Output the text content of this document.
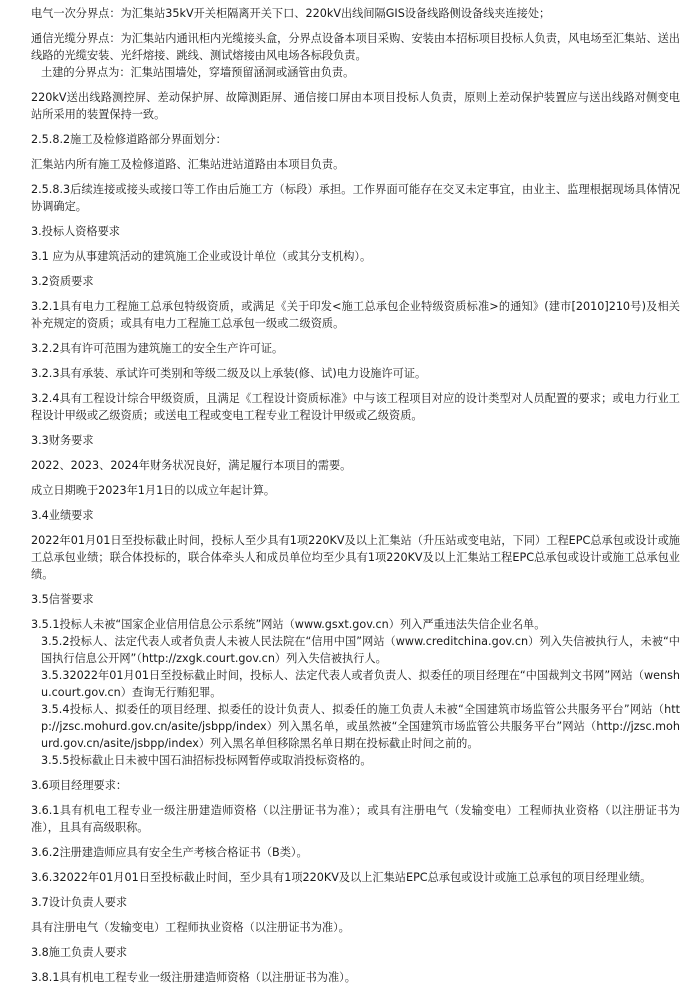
电气一次分界点：为汇集站35kV开关柜隔离开关下口、220kV出线间隔GIS设备线路侧设备线夹连接处；
通信光缆分界点：为汇集站内通讯柜内光缆接头盒，分界点设备本项目采购、安装由本招标项目投标人负责，风电场至汇集站、送出线路的光缆安装、光纤熔接、跳线、测试熔接由风电场各标段负责。
土建的分界点为：汇集站围墙处，穿墙预留涵洞或涵管由负责。
220kV送出线路测控屏、差动保护屏、故障测距屏、通信接口屏由本项目投标人负责，原则上差动保护装置应与送出线路对侧变电站所采用的装置保持一致。
2.5.8.2施工及检修道路部分界面划分：
汇集站内所有施工及检修道路、汇集站进站道路由本项目负责。
2.5.8.3后续连接或接头或接口等工作由后施工方（标段）承担。工作界面可能存在交叉未定事宜，由业主、监理根据现场具体情况协调确定。
3.投标人资格要求
3.1 应为从事建筑活动的建筑施工企业或设计单位（或其分支机构）。
3.2资质要求
3.2.1具有电力工程施工总承包特级资质，或满足《关于印发<施工总承包企业特级资质标准>的通知》(建市[2010]210号)及相关补充规定的资质；或具有电力工程施工总承包一级或二级资质。
3.2.2具有许可范围为建筑施工的安全生产许可证。
3.2.3具有承装、承试许可类别和等级二级及以上承装(修、试)电力设施许可证。
3.2.4具有工程设计综合甲级资质，且满足《工程设计资质标准》中与该工程项目对应的设计类型对人员配置的要求；或电力行业工程设计甲级或乙级资质；或送电工程或变电工程专业工程设计甲级或乙级资质。
3.3财务要求
2022、2023、2024年财务状况良好，满足履行本项目的需要。
成立日期晚于2023年1月1日的以成立年起计算。
3.4业绩要求
2022年01月01日至投标截止时间，投标人至少具有1项220KV及以上汇集站（升压站或变电站，下同）工程EPC总承包或设计或施工总承包业绩；联合体投标的，联合体牵头人和成员单位均至少具有1项220KV及以上汇集站工程EPC总承包或设计或施工总承包业绩。
3.5信誉要求
3.5.1投标人未被“国家企业信用信息公示系统”网站（www.gsxt.gov.cn）列入严重违法失信企业名单。
3.5.2投标人、法定代表人或者负责人未被人民法院在“信用中国”网站（www.creditchina.gov.cn）列入失信被执行人，未被“中国执行信息公开网”（http://zxgk.court.gov.cn）列入失信被执行人。
3.5.32022年01月01日至投标截止时间，投标人、法定代表人或者负责人、拟委任的项目经理在“中国裁判文书网”网站（wenshu.court.gov.cn）查询无行贿犯罪。
3.5.4投标人、拟委任的项目经理、拟委任的设计负责人、拟委任的施工负责人未被“全国建筑市场监管公共服务平台”网站（http://jzsc.mohurd.gov.cn/asite/jsbpp/index）列入黑名单，或虽然被“全国建筑市场监管公共服务平台”网站（http://jzsc.mohurd.gov.cn/asite/jsbpp/index）列入黑名单但移除黑名单日期在投标截止时间之前的。
3.5.5投标截止日未被中国石油招标投标网暂停或取消投标资格的。
3.6项目经理要求：
3.6.1具有机电工程专业一级注册建造师资格（以注册证书为准）；或具有注册电气（发输变电）工程师执业资格（以注册证书为准），且具有高级职称。
3.6.2注册建造师应具有安全生产考核合格证书（B类）。
3.6.32022年01月01日至投标截止时间，至少具有1项220KV及以上汇集站EPC总承包或设计或施工总承包的项目经理业绩。
3.7设计负责人要求
具有注册电气（发输变电）工程师执业资格（以注册证书为准）。
3.8施工负责人要求
3.8.1具有机电工程专业一级注册建造师资格（以注册证书为准）。
